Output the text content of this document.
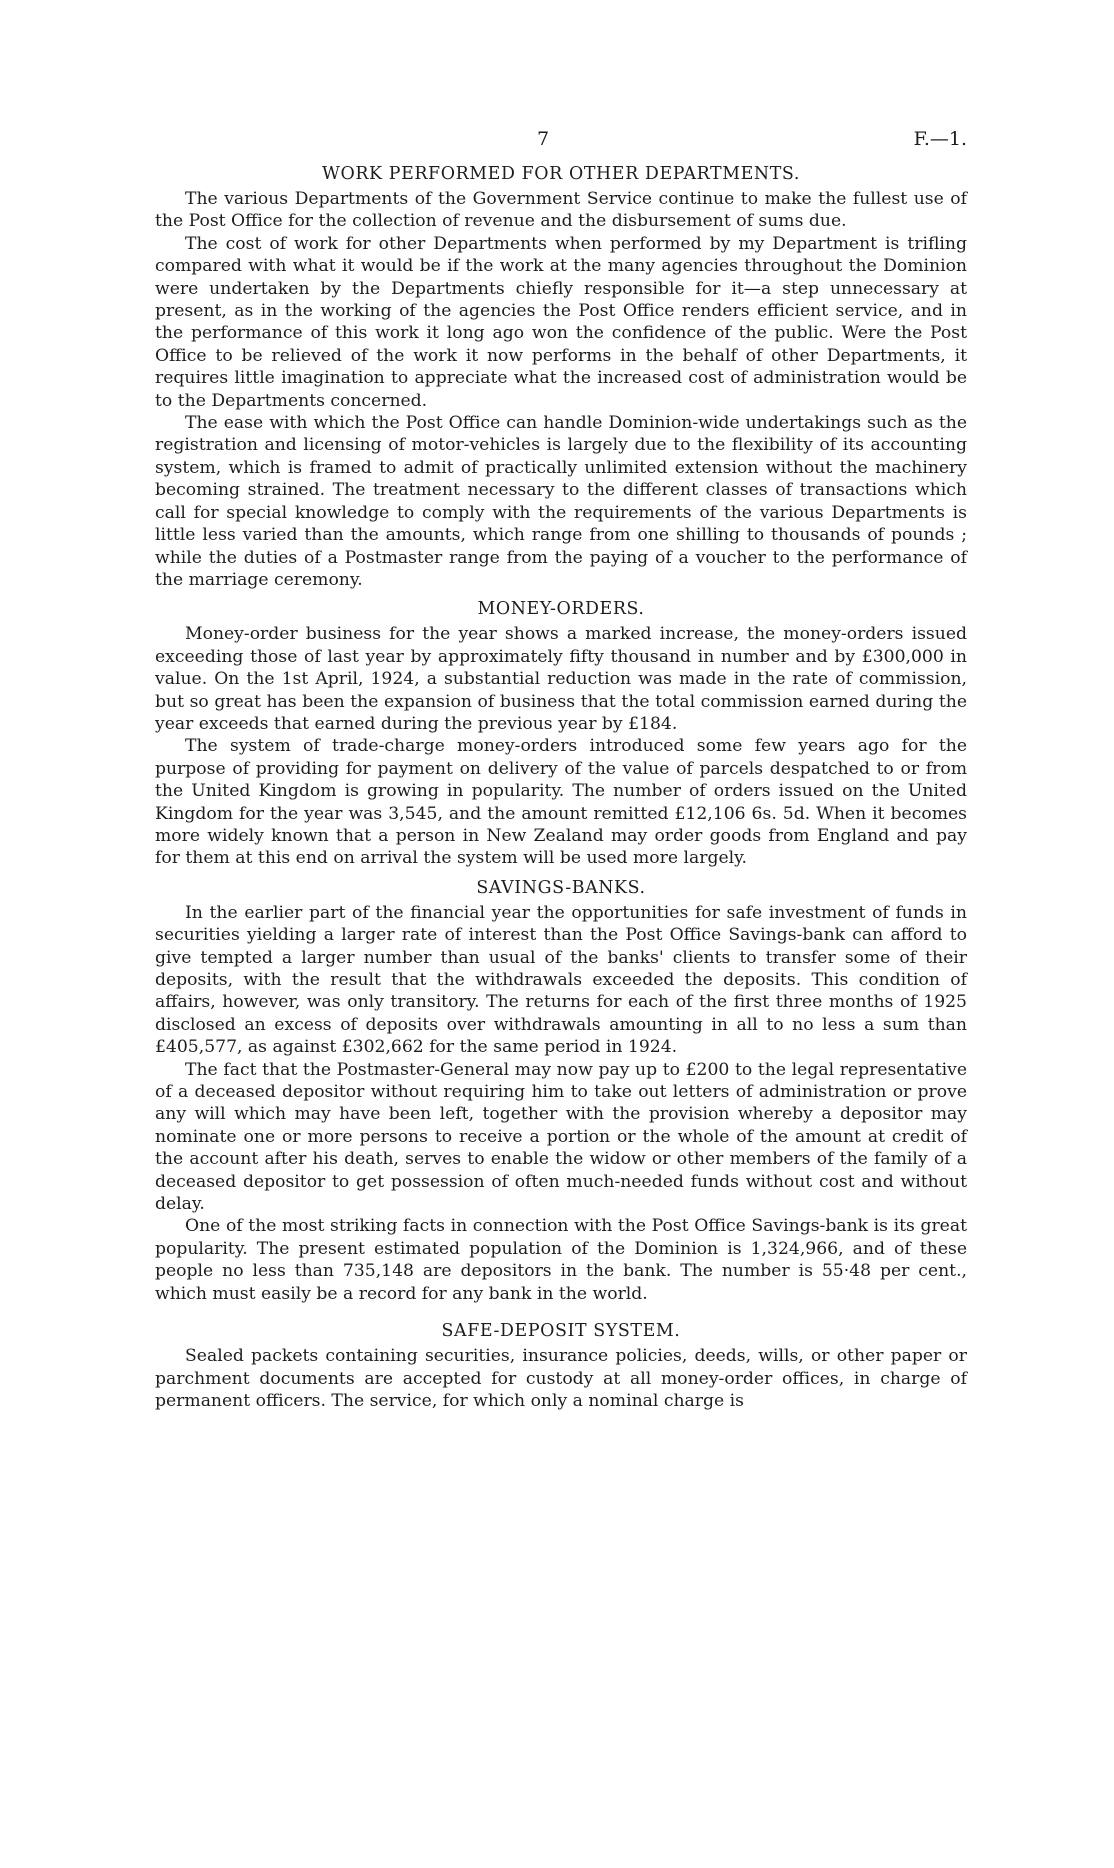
7	F.—1.
WORK PERFORMED FOR OTHER DEPARTMENTS.

The various Departments of the Government Service continue to make the fullest use of the Post Office for the collection of revenue and the disbursement of sums due.

The cost of work for other Departments when performed by my Department is trifling compared with what it would be if the work at the many agencies throughout the Dominion were undertaken by the Departments chiefly responsible for it—a step unnecessary at present, as in the working of the agencies the Post Office renders efficient service, and in the performance of this work it long ago won the confidence of the public. Were the Post Office to be relieved of the work it now performs in the behalf of other Departments, it requires little imagination to appreciate what the increased cost of administration would be to the Departments concerned.

The ease with which the Post Office can handle Dominion-wide undertakings such as the registration and licensing of motor-vehicles is largely due to the flexibility of its accounting system, which is framed to admit of practically unlimited extension without the machinery becoming strained. The treatment necessary to the different classes of transactions which call for special knowledge to comply with the requirements of the various Departments is little less varied than the amounts, which range from one shilling to thousands of pounds ; while the duties of a Postmaster range from the paying of a voucher to the performance of the marriage ceremony.

MONEY-ORDERS.

Money-order business for the year shows a marked increase, the money-orders issued exceeding those of last year by approximately fifty thousand in number and by £300,000 in value. On the 1st April, 1924, a substantial reduction was made in the rate of commission, but so great has been the expansion of business that the total commission earned during the year exceeds that earned during the previous year by £184.

The system of trade-charge money-orders introduced some few years ago for the purpose of providing for payment on delivery of the value of parcels despatched to or from the United Kingdom is growing in popularity. The number of orders issued on the United Kingdom for the year was 3,545, and the amount remitted £12,106 6s. 5d. When it becomes more widely known that a person in New Zealand may order goods from England and pay for them at this end on arrival the system will be used more largely.

SAVINGS-BANKS.

In the earlier part of the financial year the opportunities for safe investment of funds in securities yielding a larger rate of interest than the Post Office Savings-bank can afford to give tempted a larger number than usual of the banks' clients to transfer some of their deposits, with the result that the withdrawals exceeded the deposits. This condition of affairs, however, was only transitory. The returns for each of the first three months of 1925 disclosed an excess of deposits over withdrawals amounting in all to no less a sum than £405,577, as against £302,662 for the same period in 1924.

The fact that the Postmaster-General may now pay up to £200 to the legal representative of a deceased depositor without requiring him to take out letters of administration or prove any will which may have been left, together with the provision whereby a depositor may nominate one or more persons to receive a portion or the whole of the amount at credit of the account after his death, serves to enable the widow or other members of the family of a deceased depositor to get possession of often much-needed funds without cost and without delay.

One of the most striking facts in connection with the Post Office Savings-bank is its great popularity. The present estimated population of the Dominion is 1,324,966, and of these people no less than 735,148 are depositors in the bank. The number is 55·48 per cent., which must easily be a record for any bank in the world.

SAFE-DEPOSIT SYSTEM.

Sealed packets containing securities, insurance policies, deeds, wills, or other paper or parchment documents are accepted for custody at all money-order offices, in charge of permanent officers. The service, for which only a nominal charge is
